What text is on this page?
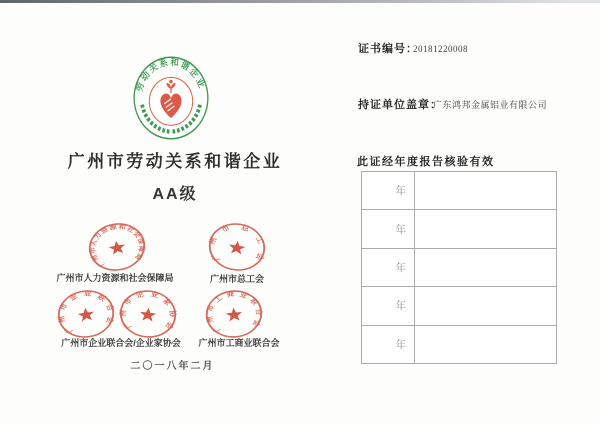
劳动关系和谐企业
广州市劳动关系和谐企业
AA级
广州市人力资源和社会保障局	广州市总工会
广州市企业联合会
广州市企业家协会	广州市工商业联合会
广州市人力资源和社会保障局	广州市总工会
广州市企业联合会/企业家协会	广州市工商业联合会
二〇一八年二月
证书编号：
20181220008
持证单位盖章：
广东鸿邦金属铝业有限公司
此证经年度报告核验有效
年
年
年
年
年
